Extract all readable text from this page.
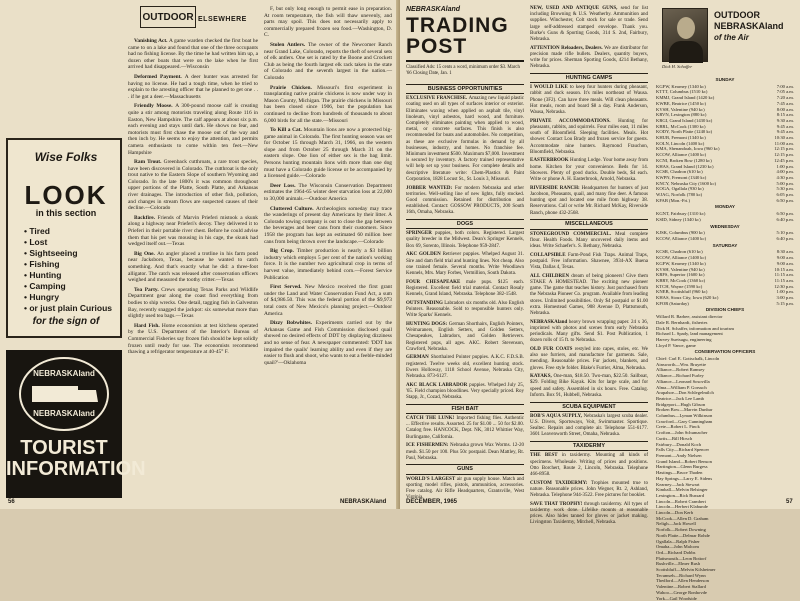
Wise Folks
LOOK
in this section
• Tired
• Lost
• Sightseeing
• Fishing
• Hunting
• Camping
• Hungry
• or just plain Curious
for the sign of
NEBRASKAland
NEBRASKAland
TOURIST INFORMATION
OUTDOOR ELSEWHERE

Vanishing Act. A game warden checked the first boat he came to on a lake and found that one of the three occupants had no fishing license. By the time he had written him up, a dozen other boats that were on the lake when he first arrived had disappeared.—Wisconsin

Deformed Payment. A deer hunter was arrested for having no license. He had a tough time, when he tried to explain to the arresting officer that he planned to get one . . . if he got a deer.—Massachusetts

Friendly Moose. A 300-pound moose calf is creating quite a stir among motorists traveling along Route 116 in Easton, New Hampshire. The calf appears at about six p.m. each evening and stays until dark. He shows no fear, and motorists must first chase the moose out of the way and then inch by. He seems to enjoy the attention, and permits camera enthusiasts to come within ten feet.—New Hampshire

Ram Trout. Greenback cutthroats, a rare trout species, have been discovered in Colorado. The cutthroat is the only trout native to the Eastern Slope of southern Wyoming and Colorado. In the late 1800's it was common throughout upper portions of the Platte, South Platte, and Arkansas river drainages. The introduction of other fish, pollution, and changes in stream flows are suspected causes of their decline.—Colorado

Backfire. Friends of Marvin Prieferi mistook a skunk along a highway near Prieferi's decoy. They delivered it to Prieferi in their portable river chest. Before he could advise them that his pet was mousing in his cage, the skunk had wedged itself out.—Texas

Big One. An angler placed a trotline in his farm pond near Jacksboro, Texas, because he wanted to catch something. And that's exactly what he did: a three-foot alligator. The catch was released after conservation officers weighed and measured the toothy critter.—Texas

Tea Party. Crews operating Texas Parks and Wildlife Department gear along the coast find everything from bodies to ship wrecks. One detail, tagging fish in Galveston Bay, recently snagged the jackpot: six somewhat more than slightly used tea bags.—Texas

Hard Fish. Home economists at test kitchens operated by the U.S. Department of the Interior's Bureau of Commercial Fisheries say frozen fish should be kept solidly frozen until ready for use. The economists recommend thawing a refrigerator temperature at 40-45° F.

F, but only long enough to permit ease in preparation. At room temperature, the fish will thaw unevenly, and parts may spoil. This does not necessarily apply to commercially prepared frozen sea food.—Washington, D. C.

Stolen Antlers. The owner of the Newcomer Ranch near Grand Lake, Colorado, reports the theft of several sets of elk antlers. One set is rated by the Boone and Crockett Club as being the fourth largest elk rack taken in the state of Colorado and the seventh largest in the nation.—Colorado

Prairie Chicken. Missouri's first experiment in transplanting native prairie chickens is now under way in Mason County, Michigan. The prairie chickens in Missouri has been closed since 1906, but the population has continued to decline from hundreds of thousands to about 6,000 birds for all the state.—Missouri

To Kill a Cat. Mountain lions are now a protected big-game animal in Colorado. The first hunting season was set for October 15 through March 31, 1966, on the western slope and from October 25 through March 31 on the eastern slope. One lion of either sex is the bag limit. Persons hunting mountain lions with more than one dog must have a Colorado guide license or be accompanied by a licensed guide.—Colorado

Deer Loss. The Wisconsin Conservation Department estimates the 1964-65 winter deer starvation loss at 22,000 to 30,000 animals.—Outdoor America

Cluttered Culture. Archeologists someday may trace the wanderings of present day Americans by their litter. A Colorado towing company is out to close the gap between the beverages and beer cans from their customers. Since 1958 the program has kept an estimated 60 million beer cans from being thrown over the landscape.—Colorado

Big Crop. Timber production is nearly a $3 billion industry which employs 5 per cent of the nation's working force. It is the number two agricultural crop in terms of harvest value, immediately behind corn.—Forest Service Publication

First Served. New Mexico received the first grant under the Land and Water Conservation Fund Act, a sum of $4,986.50. This was the federal portion of the $9,973 total costs of New Mexico's planning project.—Outdoor America

Dizzy Bobwhites. Experiments carried out by the Arkansas Game and Fish Commission disclosed quail showed no desired effects of DDT by displaying dizziness and no sense of fear. A newspaper commented: 'DDT has impaired the quails' learning ability and even if they are easier to flush and shoot, who wants to eat a feeble-minded quail?'—Oklahoma

56	NEBRASKAland
NEBRASKAland
TRADING POST
Classified Ads: 15 cents a word, minimum order $3. March '66 Closing Date, Jan. 1
BUSINESS OPPORTUNITIES

EXCLUSIVE FRANCHISE. Amazing new liquid plastic coating used on all types of surfaces interior or exterior. Eliminates waxing when applied on asphalt tile, vinyl linoleum, vinyl asbestos, hard wood, and furniture. Completely eliminates painting when applied to wood, metal, or concrete surfaces. This finish is also recommended for boats and automobiles. No competition, as these are exclusive formulas in demand by all businesses, industry, and homes. No franchise fee. Minimum investment $500. Maximum $7,000. Investment is secured by inventory. A factory trained representative will help set up your business. For complete details and descriptive literature write: Chem-Plastics & Paint Corporation, 1828 Locust St., St. Louis 3, Missouri.

JOBBER WANTED: For modern Nebraska and other territories. Well-selling line of new lights, fully stocked. Good commission. Retained for distribution and established. Contact: GOSSOW PRODUCTS, 200 South 16th, Omaha, Nebraska.

DOGS

SPRINGER puppies, both colors. Registered. Largest quality breeder in the Midwest. Dean's Springer Kennels, Box 69, Sorento, Illinois. Telephone 959-2847.

AKC GOLDEN Retriever puppies. Whelped August 31. Sire and dam field trial and hunting lines. Not cheap. Also one trained female. Several months. Write Woodlawn Kennels, Mrs. Mary Forbes, Vermillion, South Dakota.

FOUR CHESAPEAKE male pups. $125 each. Registered. Excellent field trial material. Contact Rosaly Kennels, Grand Island, Nebraska. Telephone 382-1548.

OUTSTANDING Labradors six months old. Also English Pointers. Reasonable. Sold to responsible hunters only. Write Sparks' Kennels.

HUNTING DOGS: German Shorthairs, English Pointers, Weimaraners, English Setters, and Golden Setters, Chesapeakes, Labradors, and Golden Retrievers. Registered pups, all ages. AKC. Robert Stevenson, Crawford, Nebraska.

GERMAN Shorthaired Pointer puppies. A.K.C. F.D.S.B. registered. Twelve weeks old, excellent hunting stock. Ewers Holloway, 1118 School Avenue, Nebraska City, Nebraska. 873-6127.

AKC BLACK LABRADOR puppies. Whelped July 25, '65. Field champion bloodlines. Very specially priced. Roy Stapp, Jr., Cozad, Nebraska.

FISH BAIT

CATCH THE LUNK! Imported fishing flies. Authentic ... Effective results. Assorted. 25 for $1.00 ... 50 for $2.00. Catalog free. HANCOCK, Dept. NK, 3012 Whittier Way, Burlingame, California.

ICE FISHERMEN: Nebraska grown Wax Worms. 12-20 mesh. $1.50 per 100. Plus 50c postpaid. Dean Mattley, Rt. Paul, Nebraska.

GUNS

WORLD'S LARGEST air gun supply house. Match and sporting model rifles, pistols, ammunition, accessories. Free catalog. Air Rifle Headquarters, Grantsville, West Virginia.

NEW, USED AND ANTIQUE GUNS, send for list including Browning & U.S. Weatherby. Ammunition and supplies. Winchester, Colt stock for sale or trade. Send large self-addressed stamped envelope. Thank you. Burke's Guns & Sporting Goods, 314 S. 2nd, Fairbury, Nebraska.

ATTENTION Reloaders, Dealers. We are distributor for precision made rifle bullets. Dealers, quantity buyers, write for prices. Sherman Sporting Goods, 4214 Bethany, Nebraska.

HUNTING CAMPS

I WOULD LIKE to keep four hunters during pheasant, rabbit and duck season. It's miles northeast of Wausa. Phone (3F2). Can have three meals. Will clean pheasants. Hot meals, room and board $8 a day. Frank Anderson, Wausa, Nebraska.

PRIVATE ACCOMMODATIONS. Hunting for pheasants, rabbits, and squirrels. Four miles east, 11 miles south of Bloomfield. Sleeping facilities. Meals. Hot shower. Contact Lou Brady and frozen service for guests. Accommodate nine hunters. Raymond Frauchon, Bloomfield, Nebraska.

EASTERBROOK Hunting Lodge. Your home away from home. Kitchen for your convenience. Beds for 14. Showers. Plenty of good ducks. Double beds, $4 each. Write or phone A. H. Easterbrook, Arnold, Nebraska.

RIVERSIDE RANCH: Headquarters for hunters of just Jacobson, Pheasants, quail, and many fine deer. A famous hunting spot and located one mile from highway 38. Reservations. Call or write Mr. Richard McKay, Riverside Ranch, phone 432-2568.

MISCELLANEOUS

STONEGROUND COMMERCIAL. Meal complete flour. Health Foods. Many uncovered daily items and ideas. Write Schaefer's. S. Bethany, Nebraska.

COLLAPSIBLE Farm-Pond Fish Traps. Animal Traps, postpaid. Free information. Shawnee, 3934-AX Buena Vista, Dallas 4, Texas.

ALL CHILDREN dream of being pioneers! Give them STAKE A HOMESTEAD. The exciting new pioneer game. The game that teaches history. Just purchased from the Nebraska Pioneer Co. program. Available from leading stores. Unlimited possibilities. Only $4 postpaid or $1.00 extra. Homestead Games, 908 Avenue D, Plattsmouth, Nebraska.

NEBRASKAland heavy brown wrapping paper. 24 x 36, imprinted with photos and scenes from early Nebraska periodicals. Many gifts. Send $1. Post Publication, 1 dozen rolls of 15 ft. to Nebraska.

OLD FUR COATS restyled into capes, stoles, etc. We also use furriers, and manufacture fur garments. Sale, mending. Reasonable prices. Fur jackets, blankets, and gloves. Free style folder. Blake's Furrier, Alma, Nebraska.

KAYAKS, One-man, $18.50. Two-man, $22.50. Sailboat, $29. Folding Bike Kayak. Kits for large scale, and for speed and safety. Assembled in six hours. Free. Catalog. Inform. Box 91, Hubbell, Nebraska.

SCUBA EQUIPMENT

BOB'S AQUA SUPPLY, Nebraska's largest scuba dealer. U.S. Divers, Sportsways, Voit, Swimmaster. Sportique. Sealtec. Repairs and complete air. Telephone 551-6177. 3601 Leavenworth Street, Omaha, Nebraska.

TAXIDERMY

THE BEST in taxidermy. Mounting all kinds of specimens. Wholesale. Writing of prices and positions. Otto Borchert, Route 2, Lincoln, Nebraska. Telephone 466-8958.

CUSTOM TAXIDERMY: Trophies mounted true to nature. Reasonable prices. John Wegner, Rt. 2, Ashland, Nebraska. Telephone 944-3522. Free pictures for booklet.

SAVE THAT TROPHY! through taxidermy. All types of taxidermy work done. Lifelike mounts at reasonable prices. Also hides tanned for gloves or jacket making. Livingston Taxidermy, Mitchell, Nebraska.

DECEMBER, 1965	57
Dick H. Schaffer
OUTDOOR
NEBRASKAland
of the Air
SUNDAY
KGFW, Kearney (1340 kc)	7:00 a.m.
KTTT, Columbus (1510 kc)	7:05 a.m.
KMMJ, Grand Island (1420 kc)	7:20 a.m.
KWBE, Beatrice (1450 kc)	7:45 a.m.
KVSH, Valentine (940 kc)	8:00 a.m.
KRVN, Lexington (880 kc)	8:15 a.m.
KRGI, Grand Island (1430 kc)	9:30 a.m.
KBRL, McCook (1300 kc)	9:45 a.m.
KODY, North Platte (1240 kc)	9:45 a.m.
KHUB, Fremont (1340 kc)	10:30 a.m.
KOLN, Lincoln (1400 kc)	11:00 a.m.
KMA, Shenandoah, Iowa (960 kc)	12:15 p.m.
KCOW, Alliance (1400 kc)	12:15 p.m.
KCNI, Broken Bow (1280 kc)	12:45 p.m.
KHAS, Grand Island (1230 kc)	1:00 p.m.
KCSR, Chadron (610 kc)	4:00 p.m.
KWPN, Fremont (1340 kc)	4:30 p.m.
KNCY, Nebraska City (1600 kc)	5:00 p.m.
KOGA, Ogallala (930 kc)	5:30 p.m.
WJAG, Norfolk (780 kc)	6:05 p.m.
KFAB (Mon.-Fri.)	6:50 p.m.
MONDAY
KGNT, Fairbury (1310 kc)	6:50 p.m.
KSID, Sidney (1340 kc)	6:40 p.m.
WEDNESDAY
KJSK, Columbus (900 kc)	5:10 p.m.
KCOW, Alliance (1400 kc)	6:40 p.m.
SATURDAY
KCSR, Chadron (610 kc)	8:30 a.m.
KCOW, Alliance (1400 kc)	9:00 a.m.
KGFW, Kearney (1340 kc)	9:00 a.m.
KVSH, Valentine (940 kc)	10:15 a.m.
KRFS, Superior (1600 kc)	11:15 a.m.
KBRY, McCook (1360 kc)	11:15 a.m.
KTCH, Wayne (1590 kc)	12:30 p.m.
KNEB, Scottsbluff (960 kc)	1:00 p.m.
KHAS, Sioux City, Iowa (620 kc)	3:00 p.m.
KFOR (Saturday)	5:15 p.m.
DIVISION CHIEFS
Willard R. Barbee, assistant director
Dale R. Bernhardt, fisheries
Dick H. Schaffer, information and tourism
Richard L. Spady, land management
Harvey Suetsugu, engineering
Lloyd P. Vance, game
CONSERVATION OFFICERS
Chief: Carl E. Gottschalk, Lincoln
Ainsworth—Wm. Bruyette
Alliance—Robert Ramsey
Alliance—Richard Furley
Alliance—Leonard Sosovilla
Alma—William P. Gorsuch
Arapahoe—Don Schlegelmilch
Beatrice—Jack Lee Lamb
Bridgeport—Hugh Gibson
Broken Bow—Marvin Dunbar
Columbus—Lyman Wilkinson
Crawford—Gary Cunningham
Crete—Robert L. Finck
Crofton—John Schumacher
Curtis—Bill Hirsch
Fairbury—Donald Koch
Falls City—Richard Spencer
Fremont—Andy Nielsen
Grand Island—Robert Benson
Hartington—Glenn Burgess
Hastings—Bruce Thaden
Hay Springs—Larry E. Sidens
Kearney—Jack Stewart
Kimball—Melvin Belsinger
Lexington—Rick Bussard
Lincoln—Robert Crambert
Lincoln—Herbert Klabunde
Lincoln—Don Kerb
McCook—Allen D. Graham
Neligh—Jack Howell
Norfolk—Robert Downing
North Platte—Delmar Rohde
Ogallala—Ralph Fisher
Omaha—John Malcom
Ord—Richard Dobbs
Plattsmouth—Leon Bottorf
Rushville—Elmer Rush
Scottsbluff—Melvin Kilsheimer
Tecumseh—Richard Wynn
Thedford—Allen Henderson
Valentine—Robert Stallard
Wahoo—George Ronhovde
York—Gail Woodside
